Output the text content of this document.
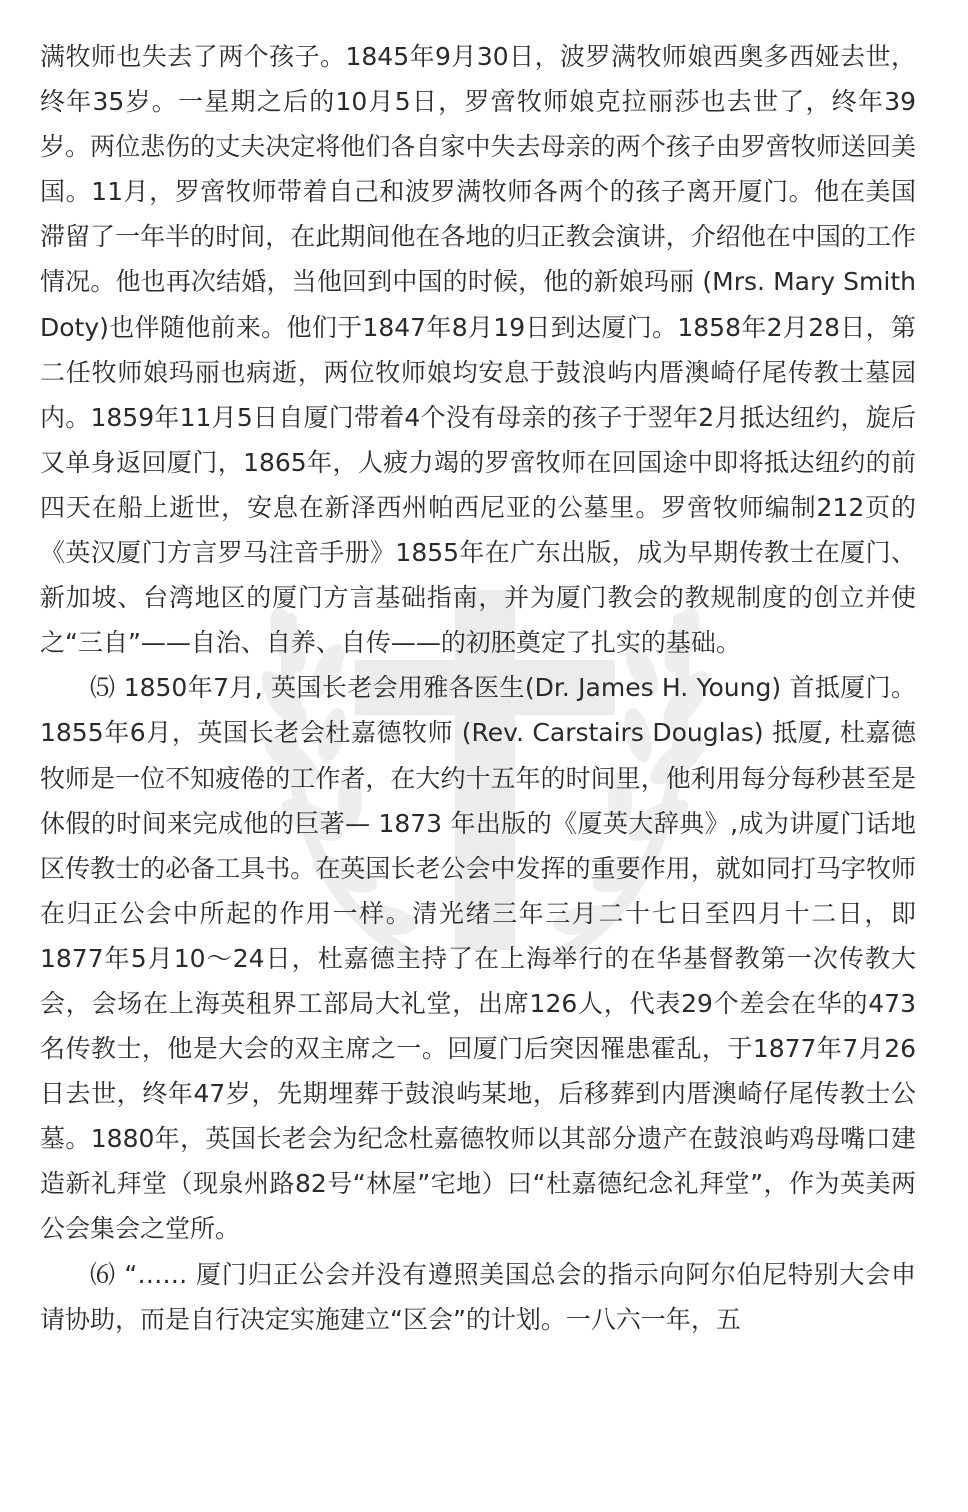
满牧师也失去了两个孩子。1845年9月30日，波罗满牧师娘西奥多西娅去世，终年35岁。一星期之后的10月5日，罗啻牧师娘克拉丽莎也去世了，终年39岁。两位悲伤的丈夫决定将他们各自家中失去母亲的两个孩子由罗啻牧师送回美国。11月，罗啻牧师带着自己和波罗满牧师各两个的孩子离开厦门。他在美国滞留了一年半的时间，在此期间他在各地的归正教会演讲，介绍他在中国的工作情况。他也再次结婚，当他回到中国的时候，他的新娘玛丽 (Mrs. Mary Smith Doty)也伴随他前来。他们于1847年8月19日到达厦门。1858年2月28日，第二任牧师娘玛丽也病逝，两位牧师娘均安息于鼓浪屿内厝澳崎仔尾传教士墓园内。1859年11月5日自厦门带着4个没有母亲的孩子于翌年2月抵达纽约，旋后又单身返回厦门，1865年，人疲力竭的罗啻牧师在回国途中即将抵达纽约的前四天在船上逝世，安息在新泽西州帕西尼亚的公墓里。罗啻牧师编制212页的《英汉厦门方言罗马注音手册》1855年在广东出版，成为早期传教士在厦门、新加坡、台湾地区的厦门方言基础指南，并为厦门教会的教规制度的创立并使之“三自”——自治、自养、自传——的初胚奠定了扎实的基础。

⑸ 1850年7月, 英国长老会用雅各医生(Dr. James H. Young) 首抵厦门。1855年6月，英国长老会杜嘉德牧师 (Rev. Carstairs Douglas) 抵厦, 杜嘉德牧师是一位不知疲倦的工作者，在大约十五年的时间里，他利用每分每秒甚至是休假的时间来完成他的巨著— 1873 年出版的《厦英大辞典》,成为讲厦门话地区传教士的必备工具书。在英国长老公会中发挥的重要作用，就如同打马字牧师在归正公会中所起的作用一样。清光绪三年三月二十七日至四月十二日，即1877年5月10～24日，杜嘉德主持了在上海举行的在华基督教第一次传教大会，会场在上海英租界工部局大礼堂，出席126人，代表29个差会在华的473名传教士，他是大会的双主席之一。回厦门后突因罹患霍乱，于1877年7月26日去世，终年47岁，先期埋葬于鼓浪屿某地，后移葬到内厝澳崎仔尾传教士公墓。1880年，英国长老会为纪念杜嘉德牧师以其部分遗产在鼓浪屿鸡母嘴口建造新礼拜堂（现泉州路82号“林屋”宅地）曰“杜嘉德纪念礼拜堂”，作为英美两公会集会之堂所。

⑹ “…… 厦门归正公会并没有遵照美国总会的指示向阿尔伯尼特别大会申请协助，而是自行决定实施建立“区会”的计划。一八六一年，五
